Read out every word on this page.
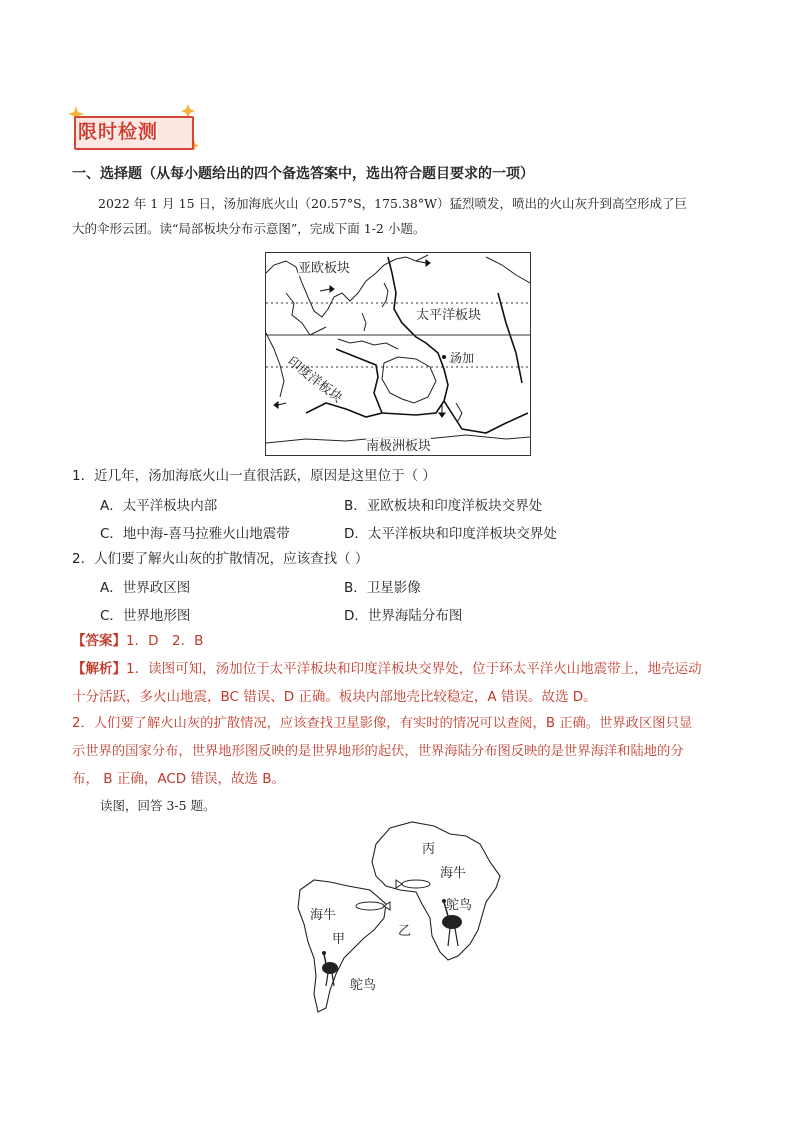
限时检测
一、选择题（从每小题给出的四个备选答案中，选出符合题目要求的一项）
2022 年 1 月 15 日，汤加海底火山（20.57°S，175.38°W）猛烈喷发，喷出的火山灰升到高空形成了巨
大的伞形云团。读“局部板块分布示意图”，完成下面 1-2 小题。
亚欧板块
太平洋板块
印度洋板块	汤加
南极洲板块
1．近几年，汤加海底火山一直很活跃，原因是这里位于（ ）
A．太平洋板块内部	B．亚欧板块和印度洋板块交界处
C．地中海-喜马拉雅火山地震带	D．太平洋板块和印度洋板块交界处
2．人们要了解火山灰的扩散情况，应该查找（ ）
A．世界政区图	B．卫星影像
C．世界地形图	D．世界海陆分布图
【答案】1．D　2．B
【解析】1．读图可知，汤加位于太平洋板块和印度洋板块交界处，位于环太平洋火山地震带上，地壳运动
十分活跃，多火山地震，BC 错误、D 正确。板块内部地壳比较稳定，A 错误。故选 D。
2．人们要了解火山灰的扩散情况，应该查找卫星影像，有实时的情况可以查阅，B 正确。世界政区图只显
示世界的国家分布，世界地形图反映的是世界地形的起伏，世界海陆分布图反映的是世界海洋和陆地的分
布， B 正确，ACD 错误，故选 B。
读图，回答 3-5 题。
丙
海牛
鸵鸟
海牛
甲
乙
鸵鸟
